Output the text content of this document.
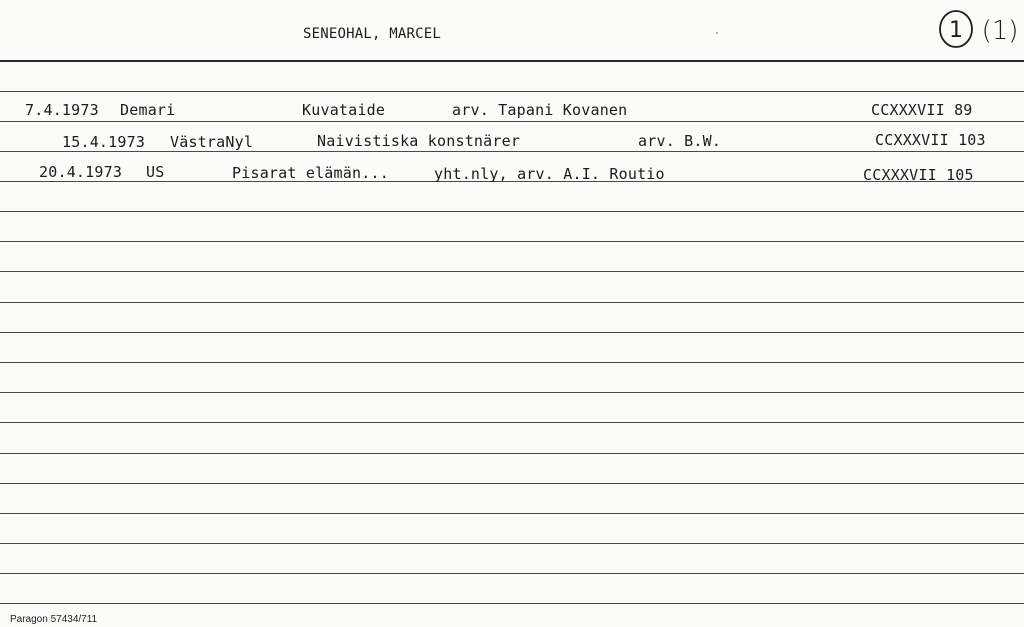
SENEOHAL, MARCEL	1 (1)
7.4.1973 Demari	Kuvataide	arv. Tapani Kovanen	CCXXXVII 89
15.4.1973 VästraNyl	Naivistiska konstnärer	arv. B.W.	CCXXXVII 103
20.4.1973 US	Pisarat elämän...	yht.nly, arv. A.I. Routio	CCXXXVII 105
Paragon 57434/711
